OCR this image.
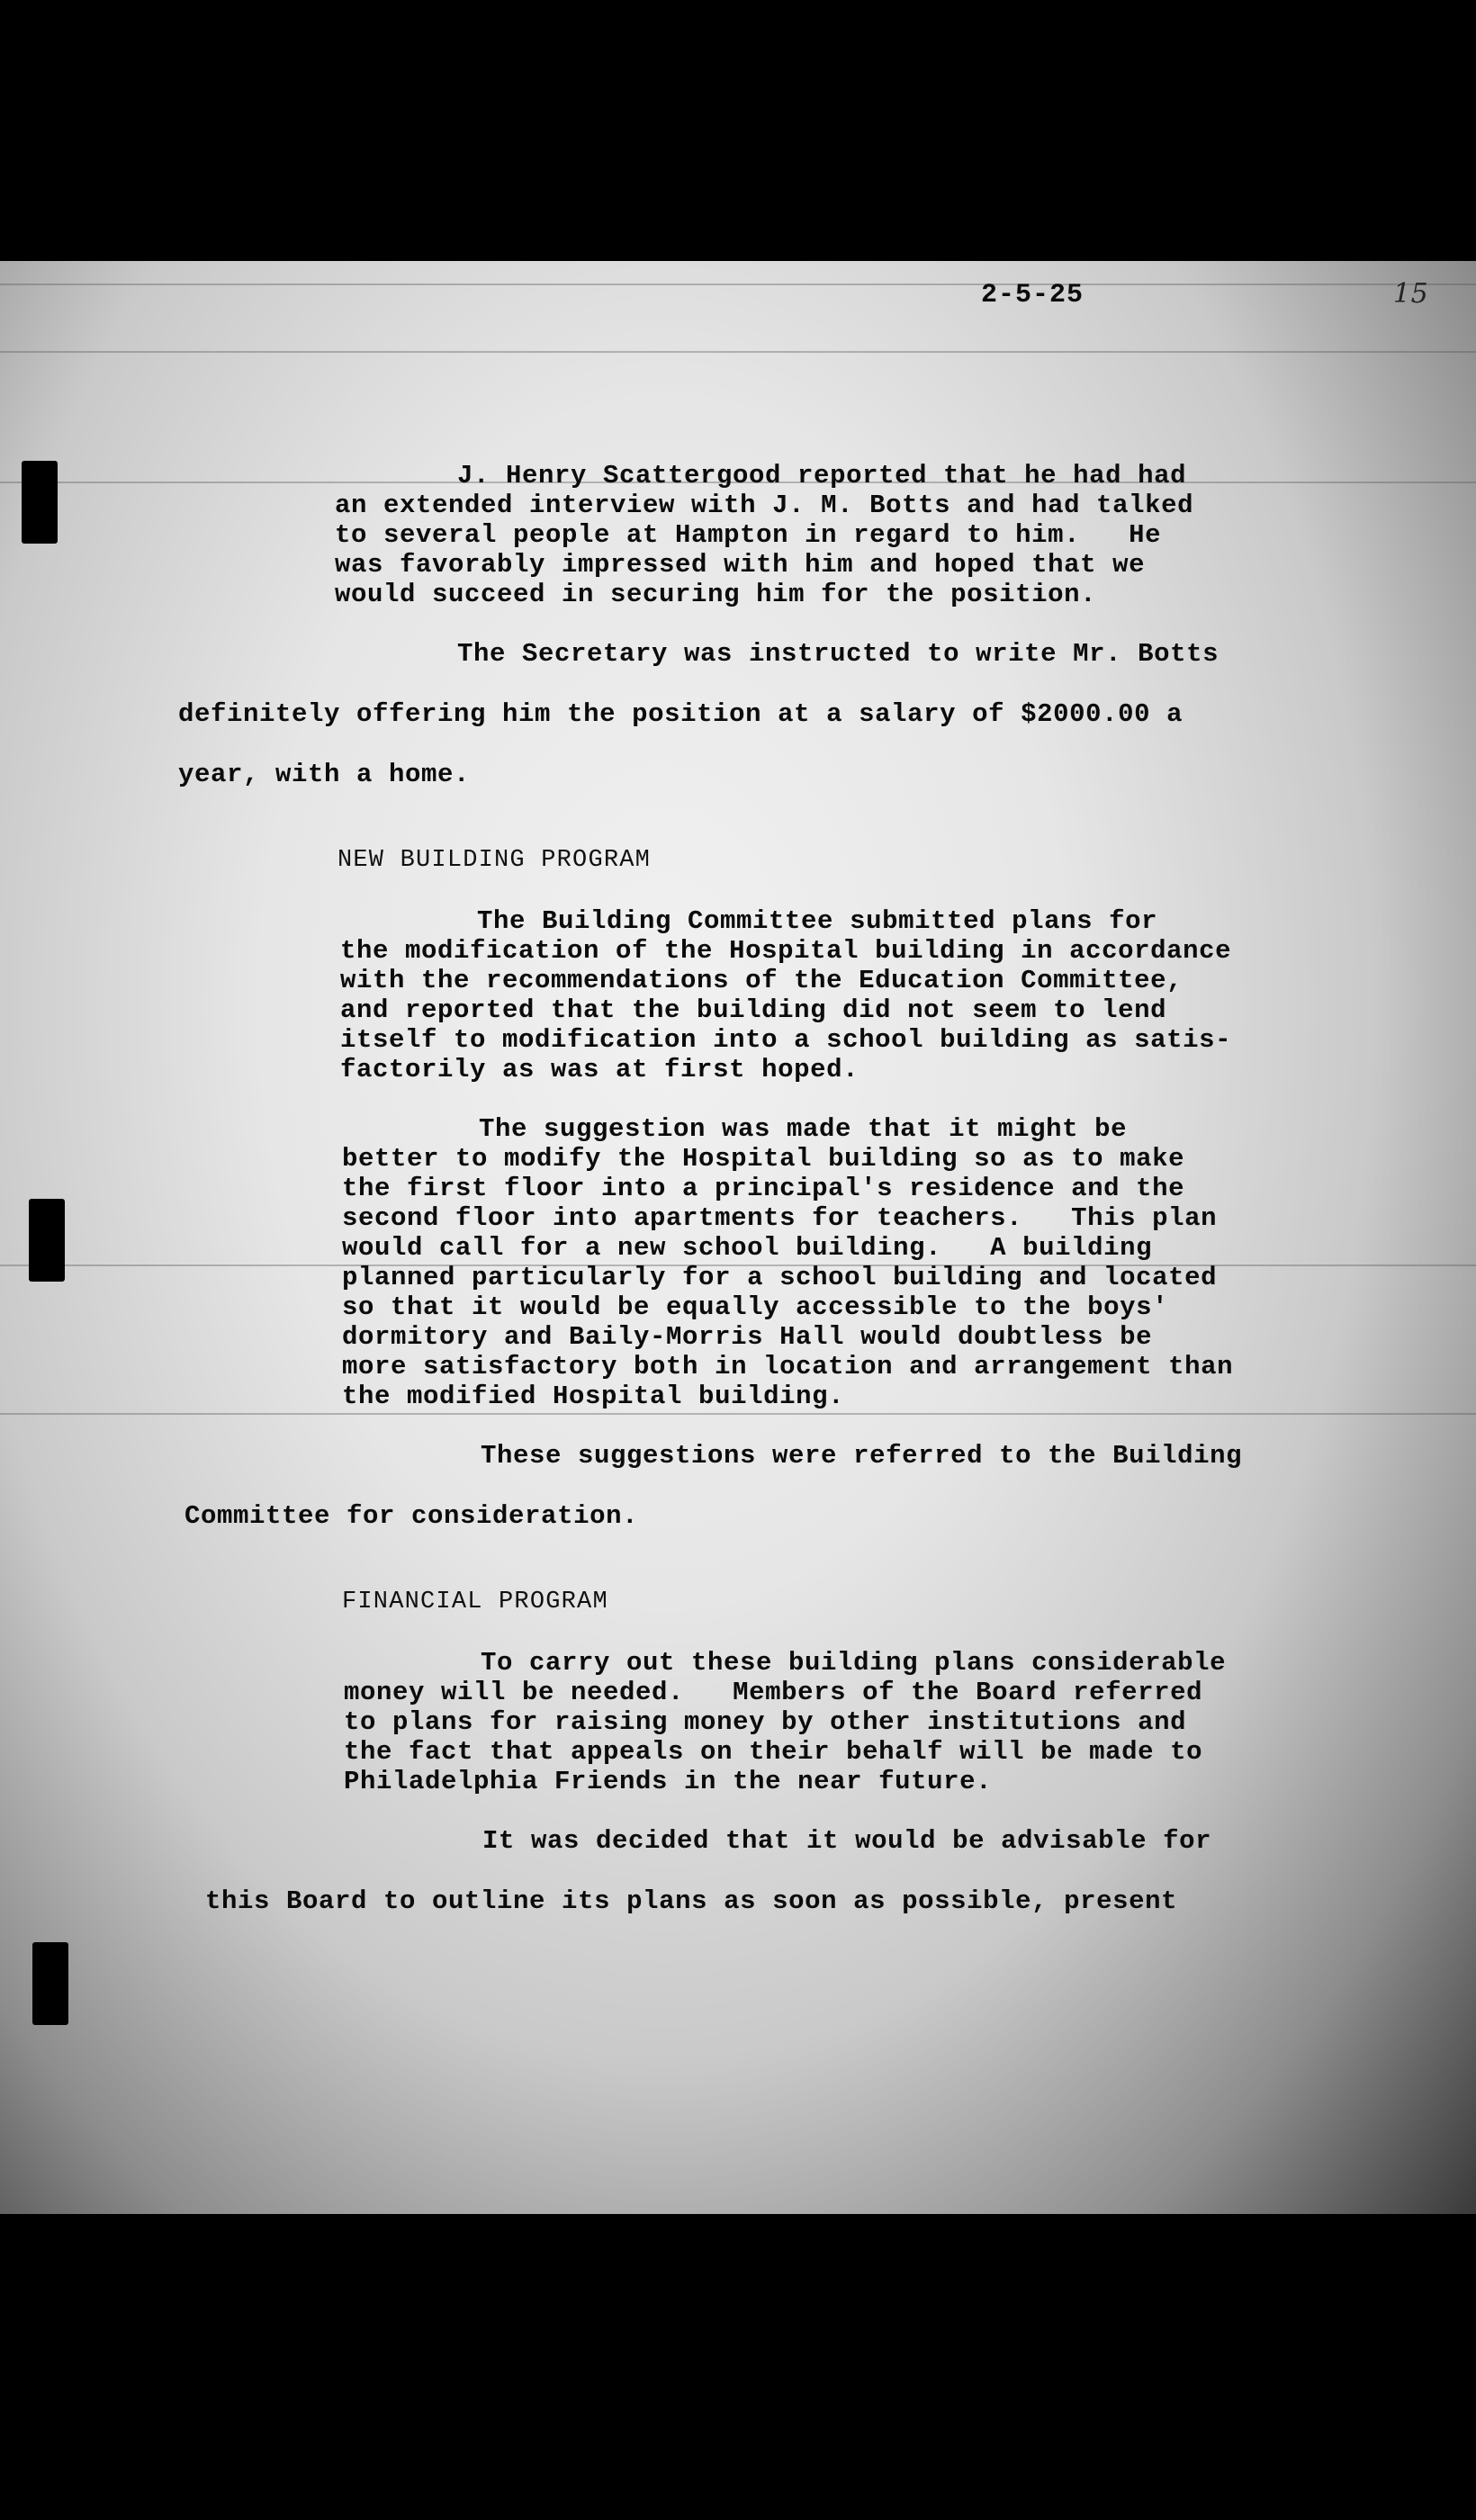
2-5-25	15
J. Henry Scattergood reported that he had had
an extended interview with J. M. Botts and had talked
to several people at Hampton in regard to him.   He
was favorably impressed with him and hoped that we
would succeed in securing him for the position.
The Secretary was instructed to write Mr. Botts
definitely offering him the position at a salary of $2000.00 a
year, with a home.
NEW BUILDING PROGRAM
The Building Committee submitted plans for
the modification of the Hospital building in accordance
with the recommendations of the Education Committee,
and reported that the building did not seem to lend
itself to modification into a school building as satis-
factorily as was at first hoped.
The suggestion was made that it might be
better to modify the Hospital building so as to make
the first floor into a principal's residence and the
second floor into apartments for teachers.   This plan
would call for a new school building.   A building
planned particularly for a school building and located
so that it would be equally accessible to the boys'
dormitory and Baily-Morris Hall would doubtless be
more satisfactory both in location and arrangement than
the modified Hospital building.
These suggestions were referred to the Building
Committee for consideration.
FINANCIAL PROGRAM
To carry out these building plans considerable
money will be needed.   Members of the Board referred
to plans for raising money by other institutions and
the fact that appeals on their behalf will be made to
Philadelphia Friends in the near future.
It was decided that it would be advisable for
this Board to outline its plans as soon as possible, present
